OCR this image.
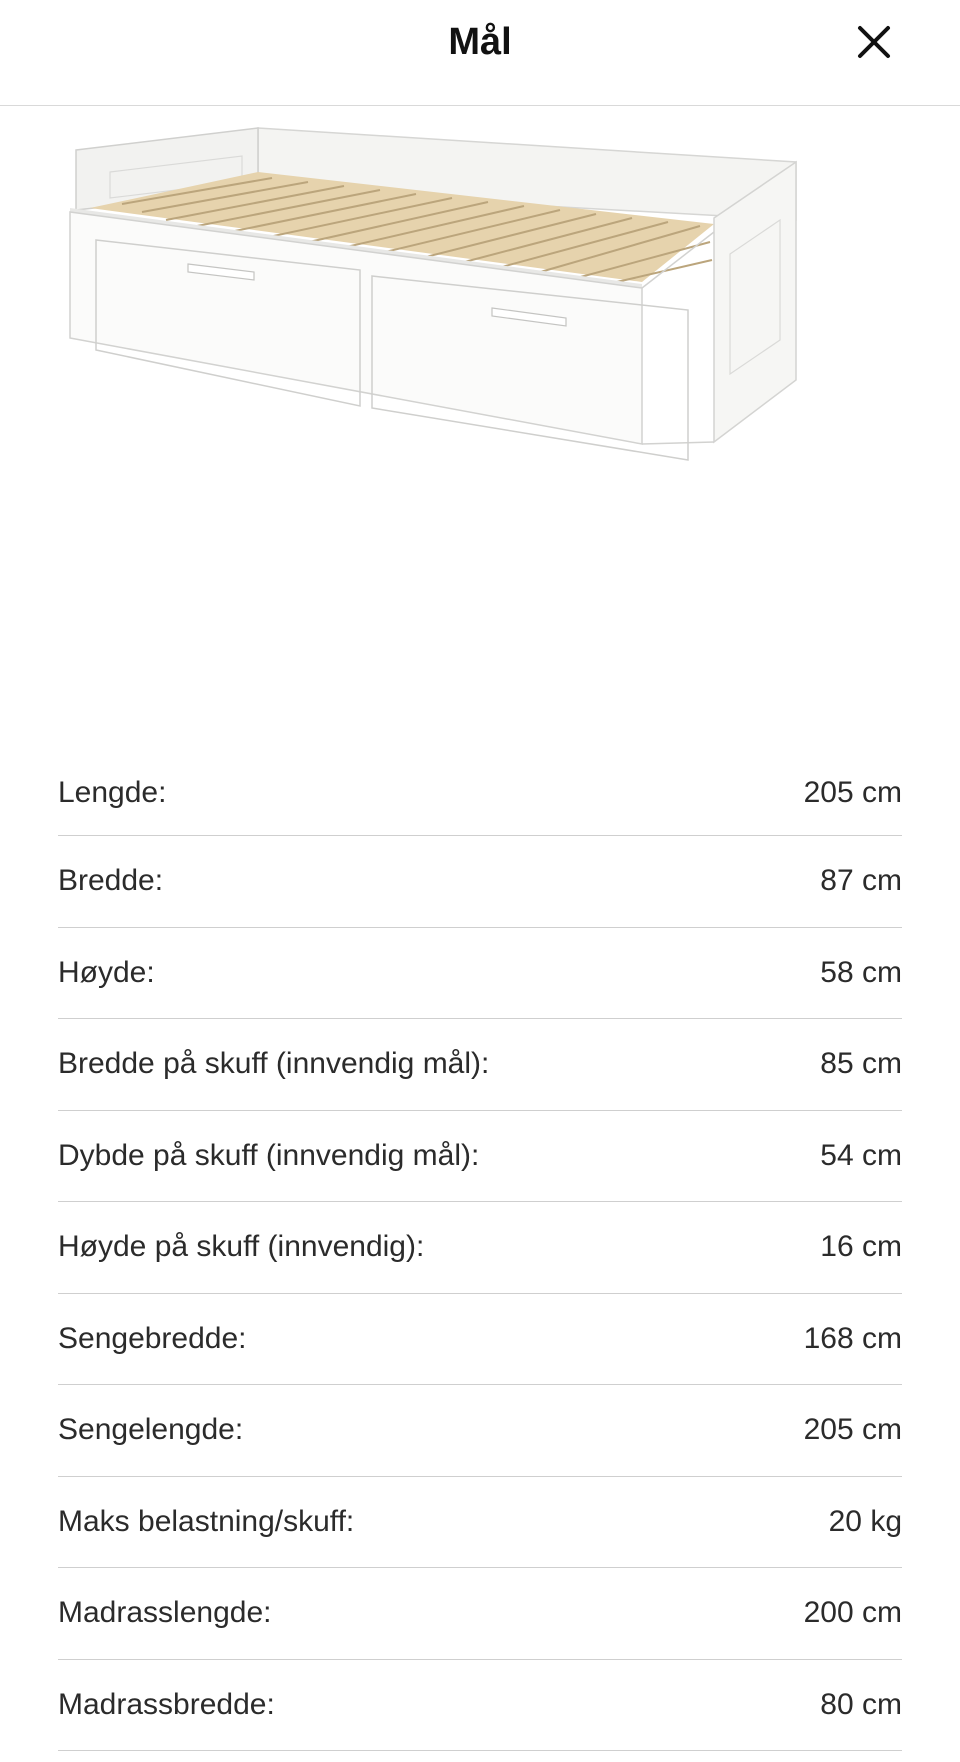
Mål
Lengde:	205 cm
Bredde:	87 cm
Høyde:	58 cm
Bredde på skuff (innvendig mål):	85 cm
Dybde på skuff (innvendig mål):	54 cm
Høyde på skuff (innvendig):	16 cm
Sengebredde:	168 cm
Sengelengde:	205 cm
Maks belastning/skuff:	20 kg
Madrasslengde:	200 cm
Madrassbredde:	80 cm
